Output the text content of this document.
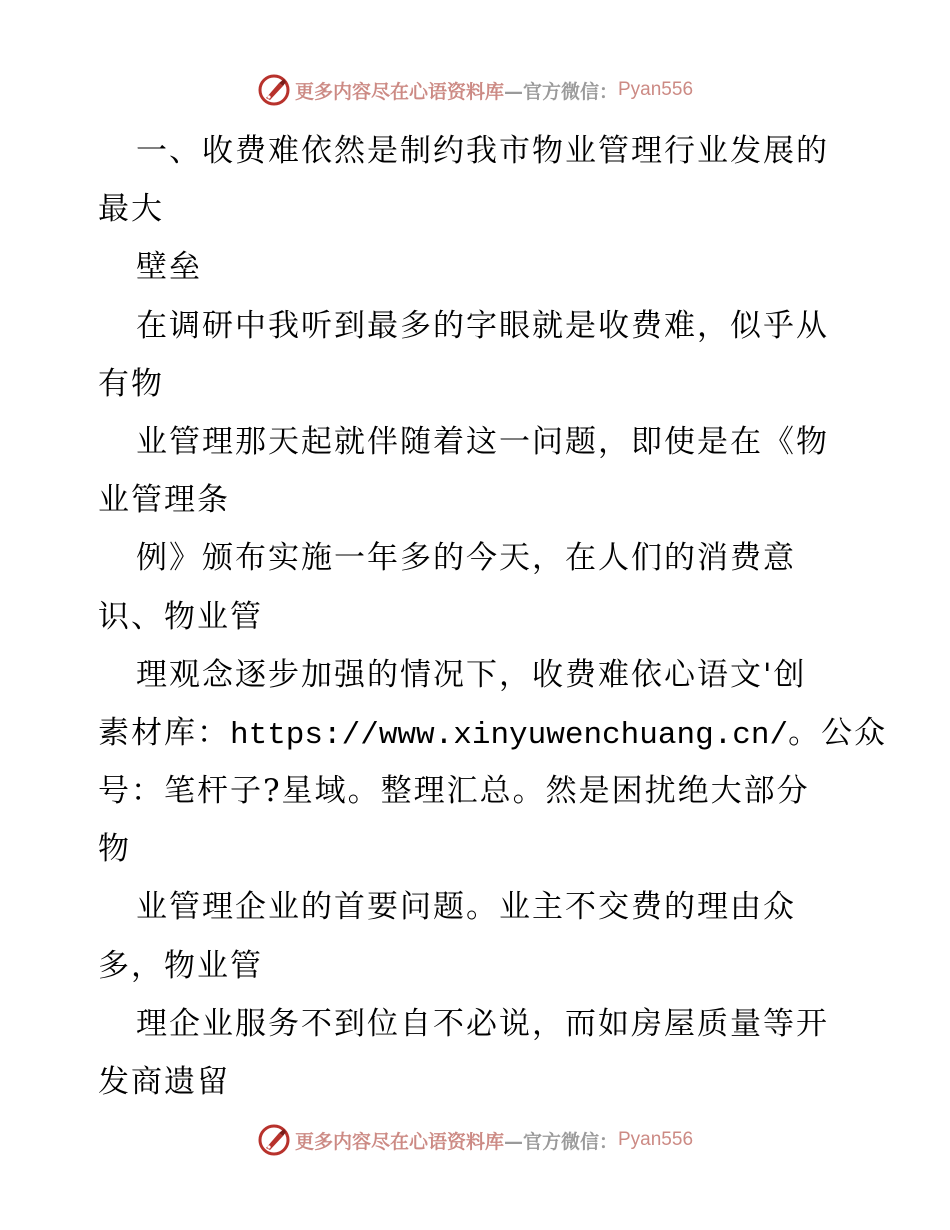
更多内容尽在心语资料库 —官方微信： Pyan556
一、收费难依然是制约我市物业管理行业发展的
最大
壁垒
在调研中我听到最多的字眼就是收费难，似乎从
有物
业管理那天起就伴随着这一问题，即使是在《物
业管理条
例》颁布实施一年多的今天，在人们的消费意
识、物业管
理观念逐步加强的情况下，收费难依心语文'创
素材库：https://www.xinyuwenchuang.cn/。公众
号：笔杆子?星域。整理汇总。然是困扰绝大部分
物
业管理企业的首要问题。业主不交费的理由众
多，物业管
理企业服务不到位自不必说，而如房屋质量等开
发商遗留
更多内容尽在心语资料库 —官方微信： Pyan556
